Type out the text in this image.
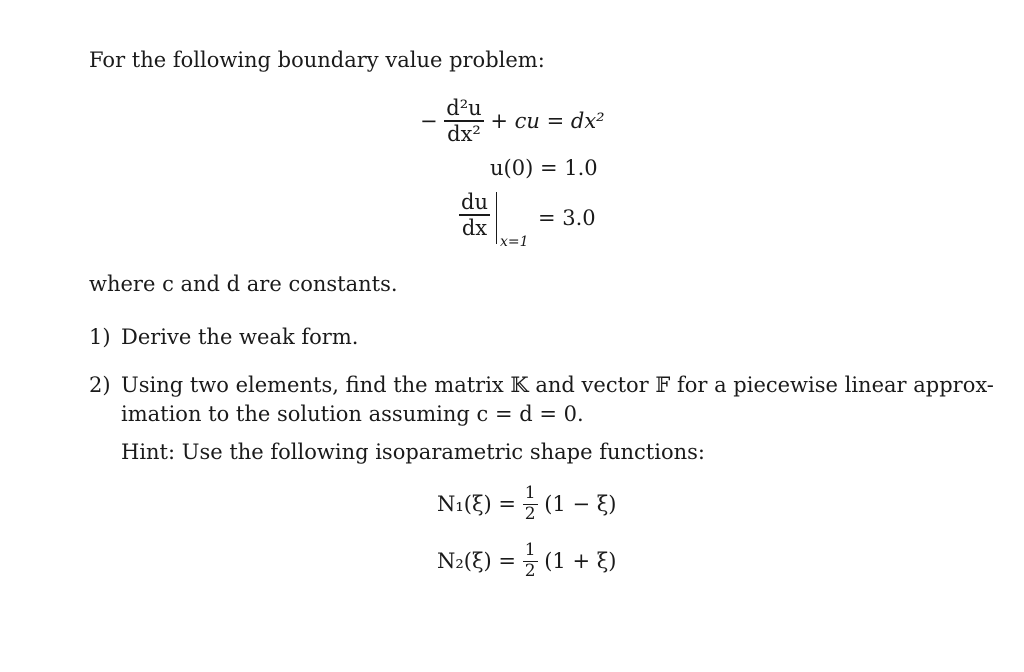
For the following boundary value problem:
− $\frac{\text{d²u}}{\text{dx²}}$ + cu = dx²
u(0) = 1.0
$\frac{du}{dx}$
x=1
= 3.0
where c and d are constants.
1) Derive the weak form.
2) Using two elements, find the matrix 𝕂 and vector 𝔽 for a piecewise linear approx-
imation to the solution assuming c = d = 0.
Hint: Use the following isoparametric shape functions:
$N_1(\xi) = \frac{1}{2} (1 - \xi)$
$N_2(\xi) = \frac{1}{2} (1 + \xi)$
